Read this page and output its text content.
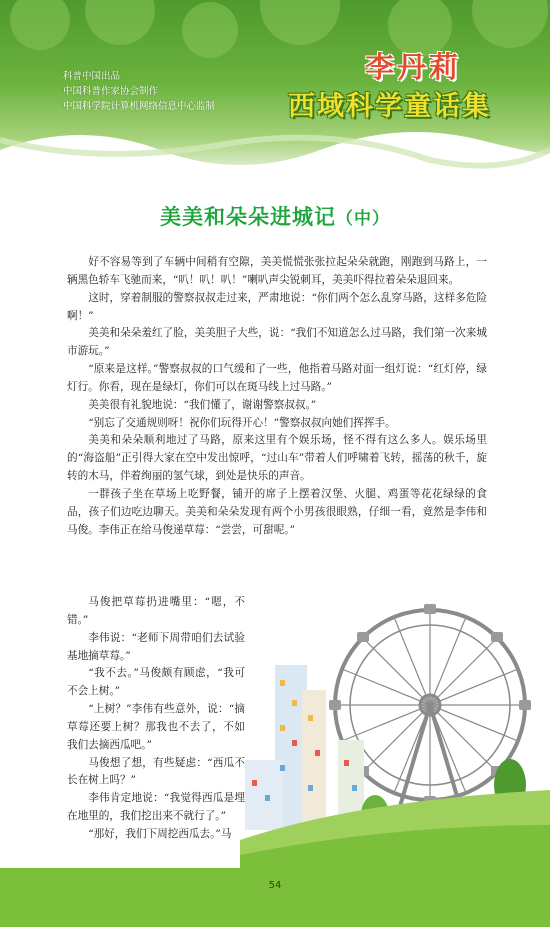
科普中国出品
中国科普作家协会制作
中国科学院计算机网络信息中心监制
李丹莉
西域科学童话集
美美和朵朵进城记（中）

好不容易等到了车辆中间稍有空隙，美美慌慌张张拉起朵朵就跑，刚跑到马路上，一辆黑色轿车飞驰而来，“叭！叭！叭！”喇叭声尖锐刺耳，美美吓得拉着朵朵退回来。

这时，穿着制服的警察叔叔走过来，严肃地说：“你们两个怎么乱穿马路，这样多危险啊！”

美美和朵朵羞红了脸，美美胆子大些，说：“我们不知道怎么过马路，我们第一次来城市游玩。”

“原来是这样。”警察叔叔的口气缓和了一些，他指着马路对面一组灯说：“红灯停，绿灯行。你看，现在是绿灯，你们可以在斑马线上过马路。”

美美很有礼貌地说：“我们懂了，谢谢警察叔叔。”

“别忘了交通规则呀！祝你们玩得开心！”警察叔叔向她们挥挥手。

美美和朵朵顺利地过了马路，原来这里有个娱乐场，怪不得有这么多人。娱乐场里的“海盗船”正引得大家在空中发出惊呼，“过山车”带着人们呼啸着飞转，摇荡的秋千，旋转的木马，伴着绚丽的氢气球，到处是快乐的声音。

一群孩子坐在草场上吃野餐，铺开的席子上摆着汉堡、火腿、鸡蛋等花花绿绿的食品，孩子们边吃边聊天。美美和朵朵发现有两个小男孩很眼熟，仔细一看，竟然是李伟和马俊。李伟正在给马俊递草莓：“尝尝，可甜呢。”

马俊把草莓扔进嘴里：“嗯，不错。”

李伟说：“老师下周带咱们去试验基地摘草莓。”

“我不去。”马俊颇有顾虑，“我可不会上树。”

“上树？”李伟有些意外，说：“摘草莓还要上树？那我也不去了，不如我们去摘西瓜吧。”

马俊想了想，有些疑虑：“西瓜不长在树上吗？”

李伟肯定地说：“我觉得西瓜是埋在地里的，我们挖出来不就行了。”

“那好，我们下周挖西瓜去。”马

54
